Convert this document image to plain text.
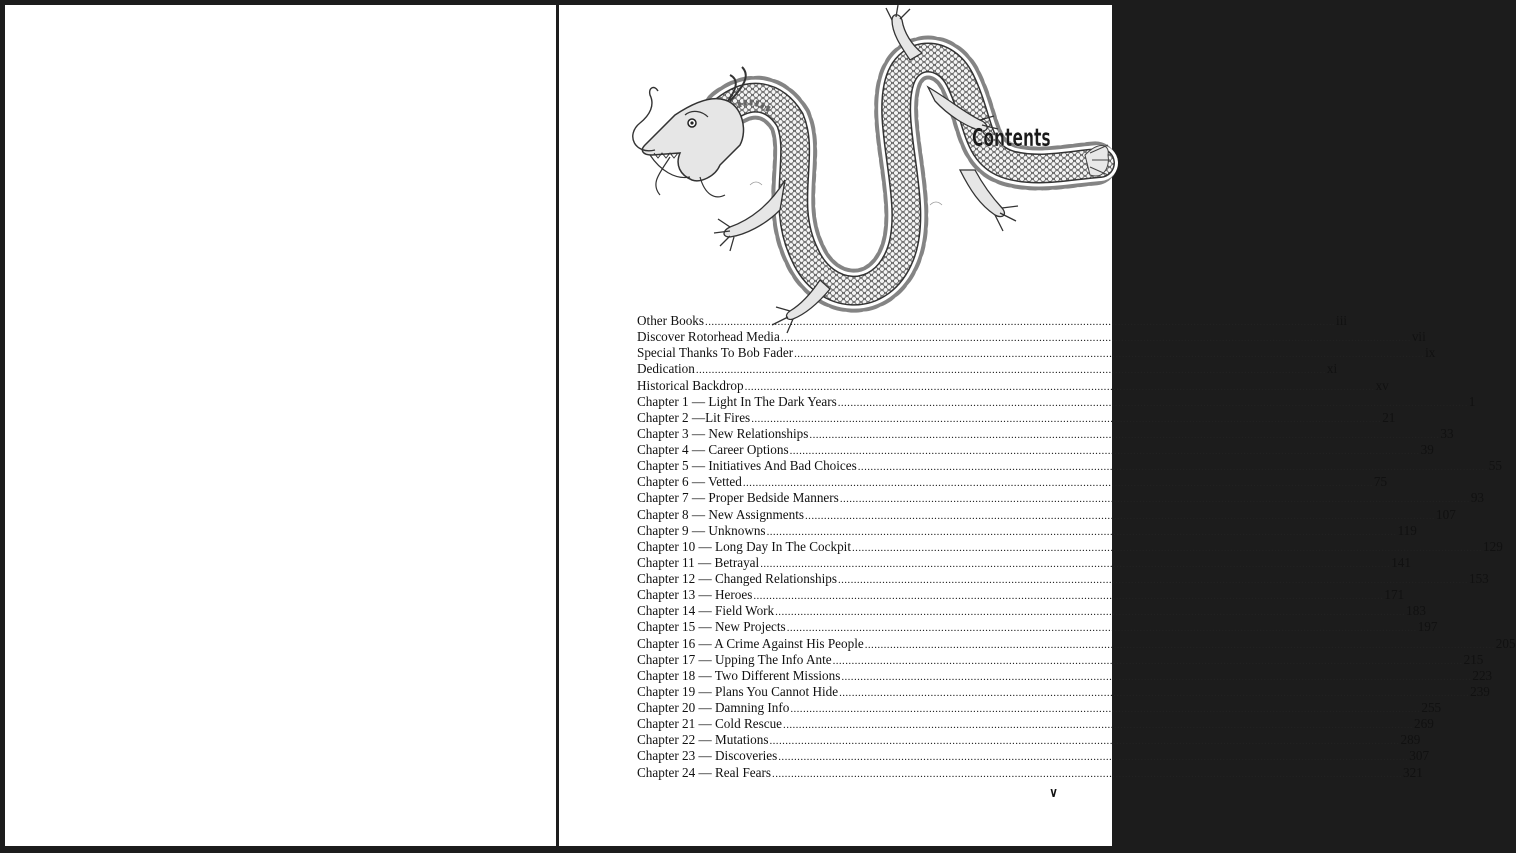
Contents
Other Books ........................................................................................................................................................................................................ iii
Discover Rotorhead Media ........................................................................................................................................................................................................ vii
Special Thanks To Bob Fader ........................................................................................................................................................................................................ ix
Dedication ........................................................................................................................................................................................................ xi
Historical Backdrop ........................................................................................................................................................................................................ xv
Chapter 1 — Light In The Dark Years ........................................................................................................................................................................................................ 1
Chapter 2 —Lit Fires ........................................................................................................................................................................................................ 21
Chapter 3 — New Relationships ........................................................................................................................................................................................................ 33
Chapter 4 — Career Options ........................................................................................................................................................................................................ 39
Chapter 5 — Initiatives And Bad Choices ........................................................................................................................................................................................................ 55
Chapter 6 — Vetted ........................................................................................................................................................................................................ 75
Chapter 7 — Proper Bedside Manners ........................................................................................................................................................................................................ 93
Chapter 8 — New Assignments ........................................................................................................................................................................................................ 107
Chapter 9 — Unknowns ........................................................................................................................................................................................................ 119
Chapter 10 — Long Day In The Cockpit ........................................................................................................................................................................................................ 129
Chapter 11 — Betrayal ........................................................................................................................................................................................................ 141
Chapter 12 — Changed Relationships ........................................................................................................................................................................................................ 153
Chapter 13 — Heroes ........................................................................................................................................................................................................ 171
Chapter 14 — Field Work ........................................................................................................................................................................................................ 183
Chapter 15 — New Projects ........................................................................................................................................................................................................ 197
Chapter 16 — A Crime Against His People ........................................................................................................................................................................................................ 205
Chapter 17 — Upping The Info Ante ........................................................................................................................................................................................................ 215
Chapter 18 — Two Different Missions ........................................................................................................................................................................................................ 223
Chapter 19 — Plans You Cannot Hide ........................................................................................................................................................................................................ 239
Chapter 20 — Damning Info ........................................................................................................................................................................................................ 255
Chapter 21 — Cold Rescue ........................................................................................................................................................................................................ 269
Chapter 22 — Mutations ........................................................................................................................................................................................................ 289
Chapter 23 — Discoveries ........................................................................................................................................................................................................ 307
Chapter 24 — Real Fears ........................................................................................................................................................................................................ 321
v
